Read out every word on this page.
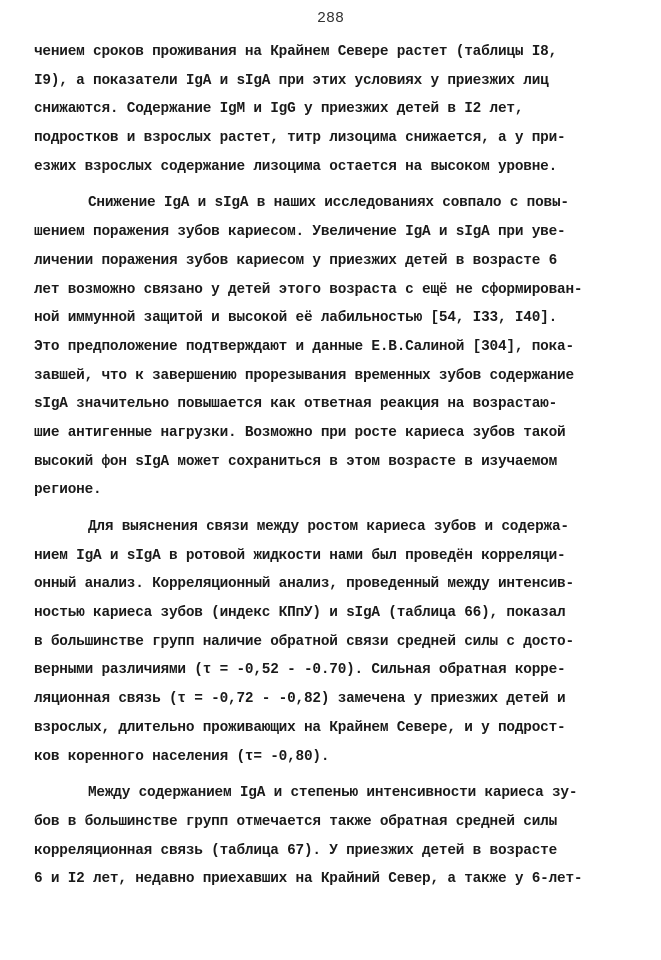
288
чением сроков проживания на Крайнем Севере растет (таблицы I8,
I9), а показатели IgA и sIgA при этих условиях у приезжих лиц
снижаются. Содержание IgM и IgG у приезжих детей в I2 лет,
подростков и взрослых растет, титр лизоцима снижается, а у при-
езжих взрослых содержание лизоцима остается на высоком уровне.
Снижение IgA и sIgA в наших исследованиях совпало с повы-
шением поражения зубов кариесом. Увеличение IgA и sIgA при уве-
личении поражения зубов кариесом у приезжих детей в возрасте 6
лет возможно связано у детей этого возраста с ещё не сформирован-
ной иммунной защитой и высокой её лабильностью [54, I33, I40].
Это предположение подтверждают и данные Е.В.Салиной [304], пока-
завшей, что к завершению прорезывания временных зубов содержание
sIgA значительно повышается как ответная реакция на возрастаю-
шие антигенные нагрузки. Возможно при росте кариеса зубов такой
высокий фон sIgA может сохраниться в этом возрасте в изучаемом
регионе.
Для выяснения связи между ростом кариеса зубов и содержа-
нием IgA и sIgA в ротовой жидкости нами был проведён корреляци-
онный анализ. Корреляционный анализ, проведенный между интенсив-
ностью кариеса зубов (индекс КПпУ) и sIgA (таблица 66), показал
в большинстве групп наличие обратной связи средней силы с досто-
верными различиями (τ = -0,52 - -0.70). Сильная обратная корре-
ляционная связь (τ = -0,72 - -0,82) замечена у приезжих детей и
взрослых, длительно проживающих на Крайнем Севере, и у подрост-
ков коренного населения (τ= -0,80).
Между содержанием IgA и степенью интенсивности кариеса зу-
бов в большинстве групп отмечается также обратная средней силы
корреляционная связь (таблица 67). У приезжих детей в возрасте
6 и I2 лет, недавно приехавших на Крайний Север, а также у 6-лет-
